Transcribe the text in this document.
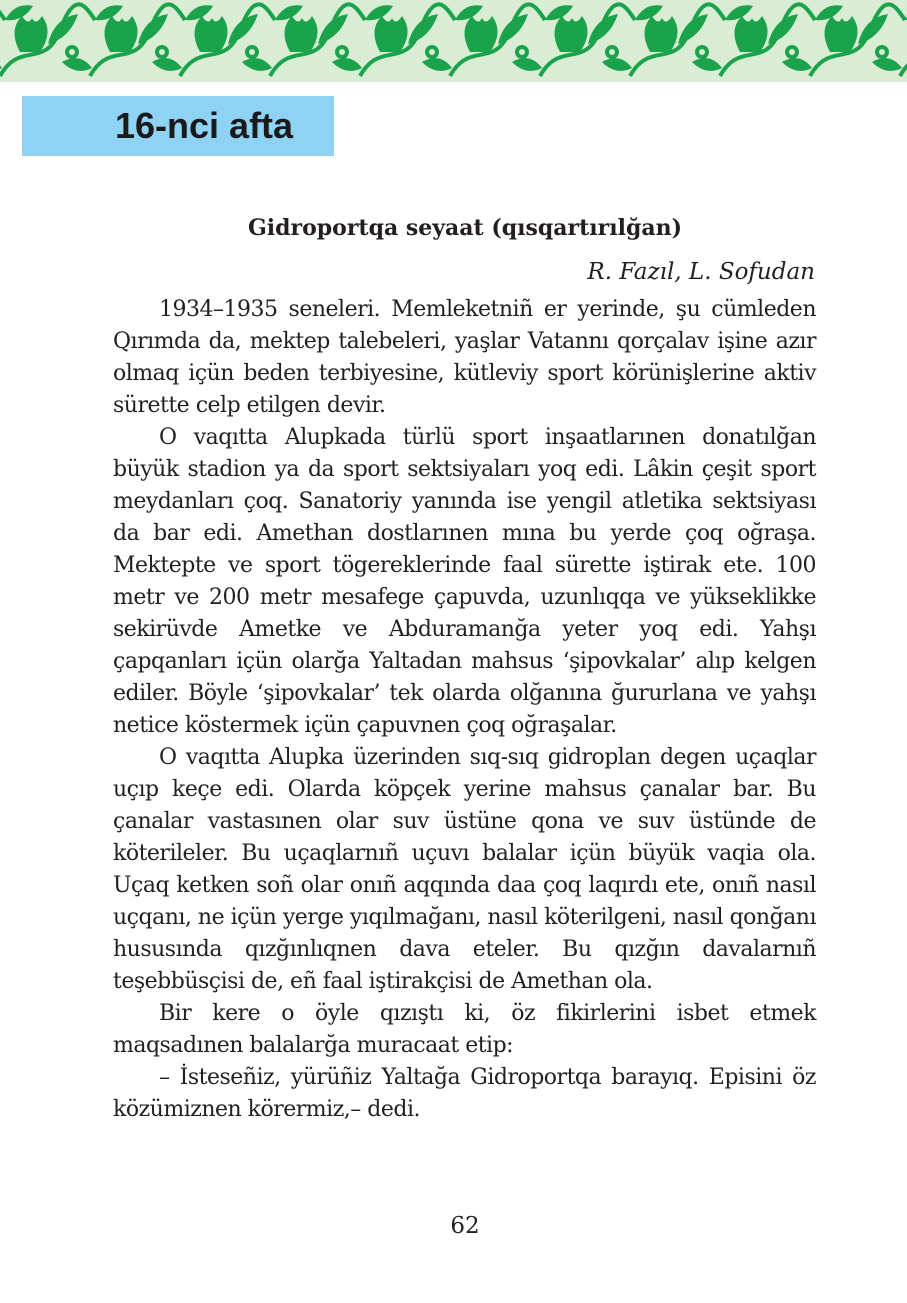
16-nci afta
Gidroportqa seyaat (qısqartırılğan)
R. Fazıl, L. Sofudan

1934–1935 seneleri. Memleketniñ er yerinde, şu cümleden Qırımda da, mektep talebeleri, yaşlar Vatannı qorçalav işine azır olmaq içün beden terbiyesine, kütleviy sport körünişlerine aktiv sürette celp etilgen devir.

O vaqıtta Alupkada türlü sport inşaatlarınen donatılğan büyük stadion ya da sport sektsiyaları yoq edi. Lâkin çeşit sport meydanları çoq. Sanatoriy yanında ise yengil atletika sektsiyası da bar edi. Amethan dostlarınen mına bu yerde çoq oğraşa. Mektepte ve sport tögereklerinde faal sürette iştirak ete. 100 metr ve 200 metr mesafege çapuvda, uzunlıqqa ve yükseklikke sekirüvde Ametke ve Abduramanğa yeter yoq edi. Yahşı çapqanları içün olarğa Yaltadan mahsus ‘şipovkalar’ alıp kelgen ediler. Böyle ‘şipovkalar’ tek olarda olğanına ğururlana ve yahşı netice köstermek içün çapuvnen çoq oğraşalar.

O vaqıtta Alupka üzerinden sıq-sıq gidroplan degen uçaqlar uçıp keçe edi. Olarda köpçek yerine mahsus çanalar bar. Bu çanalar vastasınen olar suv üstüne qona ve suv üstünde de köterileler. Bu uçaqlarnıñ uçuvı balalar içün büyük vaqia ola. Uçaq ketken soñ olar onıñ aqqında daa çoq laqırdı ete, onıñ nasıl uçqanı, ne içün yerge yıqılmağanı, nasıl köterilgeni, nasıl qonğanı hususında qızğınlıqnen dava eteler. Bu qızğın davalarnıñ teşebbüsçisi de, eñ faal iştirakçisi de Amethan ola.

Bir kere o öyle qızıştı ki, öz fikirlerini isbet etmek maqsadınen balalarğa muracaat etip:

– İsteseñiz, yürüñiz Yaltağa Gidroportqa barayıq. Episini öz közümiznen körermiz,– dedi.

62
